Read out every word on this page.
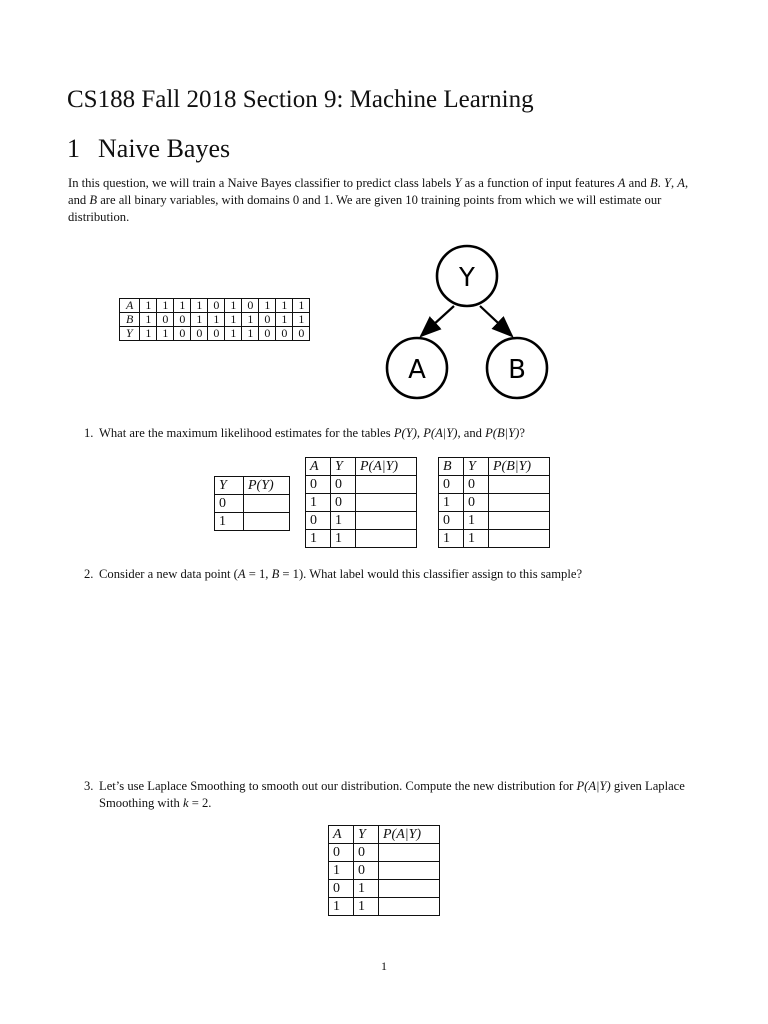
CS188 Fall 2018 Section 9: Machine Learning
1 Naive Bayes
In this question, we will train a Naive Bayes classifier to predict class labels Y as a function of input features A and B. Y, A, and B are all binary variables, with domains 0 and 1. We are given 10 training points from which we will estimate our distribution.
A	1	1	1	1	0	1	0	1	1	1
B	1	0	0	1	1	1	1	0	1	1
Y	1	1	0	0	0	1	1	0	0	0
Y
A	B
1. What are the maximum likelihood estimates for the tables P(Y), P(A|Y), and P(B|Y)?
Y	P(Y)
0	
1	
A	Y	P(A|Y)
0	0	
1	0	
0	1	
1	1	
B	Y	P(B|Y)
0	0	
1	0	
0	1	
1	1	
2. Consider a new data point (A = 1, B = 1). What label would this classifier assign to this sample?
3. Let’s use Laplace Smoothing to smooth out our distribution. Compute the new distribution for P(A|Y) given Laplace Smoothing with k = 2.
A	Y	P(A|Y)
0	0	
1	0	
0	1	
1	1	
1
